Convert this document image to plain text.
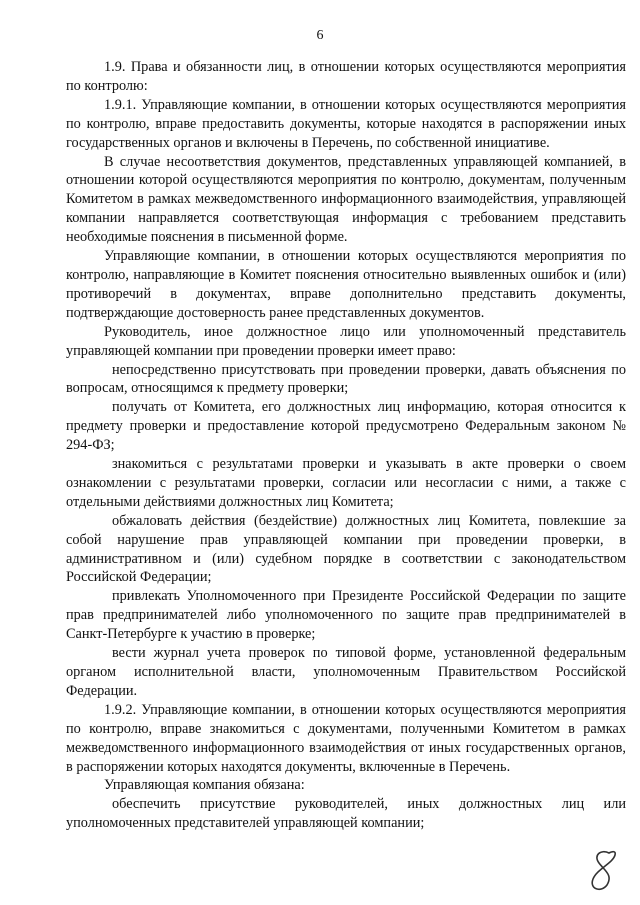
6

1.9. Права и обязанности лиц, в отношении которых осуществляются мероприятия по контролю:

1.9.1. Управляющие компании, в отношении которых осуществляются мероприятия по контролю, вправе предоставить документы, которые находятся в распоряжении иных государственных органов и включены в Перечень, по собственной инициативе.

В случае несоответствия документов, представленных управляющей компанией, в отношении которой осуществляются мероприятия по контролю, документам, полученным Комитетом в рамках межведомственного информационного взаимодействия, управляющей компании направляется соответствующая информация с требованием представить необходимые пояснения в письменной форме.

Управляющие компании, в отношении которых осуществляются мероприятия по контролю, направляющие в Комитет пояснения относительно выявленных ошибок и (или) противоречий в документах, вправе дополнительно представить документы, подтверждающие достоверность ранее представленных документов.

Руководитель, иное должностное лицо или уполномоченный представитель управляющей компании при проведении проверки имеет право:

непосредственно присутствовать при проведении проверки, давать объяснения по вопросам, относящимся к предмету проверки;

получать от Комитета, его должностных лиц информацию, которая относится к предмету проверки и предоставление которой предусмотрено Федеральным законом № 294-ФЗ;

знакомиться с результатами проверки и указывать в акте проверки о своем ознакомлении с результатами проверки, согласии или несогласии с ними, а также с отдельными действиями должностных лиц Комитета;

обжаловать действия (бездействие) должностных лиц Комитета, повлекшие за собой нарушение прав управляющей компании при проведении проверки, в административном и (или) судебном порядке в соответствии с законодательством Российской Федерации;

привлекать Уполномоченного при Президенте Российской Федерации по защите прав предпринимателей либо уполномоченного по защите прав предпринимателей в Санкт-Петербурге к участию в проверке;

вести журнал учета проверок по типовой форме, установленной федеральным органом исполнительной власти, уполномоченным Правительством Российской Федерации.

1.9.2. Управляющие компании, в отношении которых осуществляются мероприятия по контролю, вправе знакомиться с документами, полученными Комитетом в рамках межведомственного информационного взаимодействия от иных государственных органов, в распоряжении которых находятся документы, включенные в Перечень.

Управляющая компания обязана:

обеспечить присутствие руководителей, иных должностных лиц или уполномоченных представителей управляющей компании;
